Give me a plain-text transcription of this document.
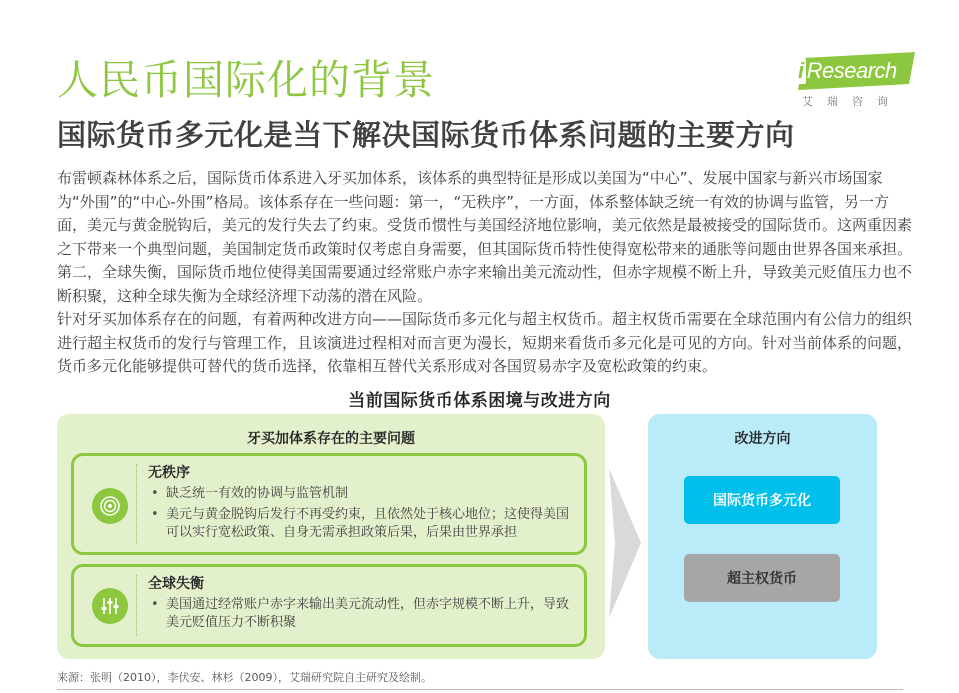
人民币国际化的背景
国际货币多元化是当下解决国际货币体系问题的主要方向
i Research
艾瑞咨询

布雷顿森林体系之后，国际货币体系进入牙买加体系，该体系的典型特征是形成以美国为“中心”、发展中国家与新兴市场国家为“外围”的“中心-外围”格局。该体系存在一些问题：第一，“无秩序”，一方面，体系整体缺乏统一有效的协调与监管，另一方面，美元与黄金脱钩后，美元的发行失去了约束。受货币惯性与美国经济地位影响，美元依然是最被接受的国际货币。这两重因素之下带来一个典型问题，美国制定货币政策时仅考虑自身需要，但其国际货币特性使得宽松带来的通胀等问题由世界各国来承担。第二，全球失衡，国际货币地位使得美国需要通过经常账户赤字来输出美元流动性，但赤字规模不断上升，导致美元贬值压力也不断积聚，这种全球失衡为全球经济埋下动荡的潜在风险。

针对牙买加体系存在的问题，有着两种改进方向——国际货币多元化与超主权货币。超主权货币需要在全球范围内有公信力的组织进行超主权货币的发行与管理工作，且该演进过程相对而言更为漫长，短期来看货币多元化是可见的方向。针对当前体系的问题，货币多元化能够提供可替代的货币选择，依靠相互替代关系形成对各国贸易赤字及宽松政策的约束。

当前国际货币体系困境与改进方向
牙买加体系存在的主要问题
无秩序
• 缺乏统一有效的协调与监管机制
• 美元与黄金脱钩后发行不再受约束，且依然处于核心地位；这使得美国可以实行宽松政策、自身无需承担政策后果，后果由世界承担
全球失衡
• 美国通过经常账户赤字来输出美元流动性，但赤字规模不断上升，导致美元贬值压力不断积聚
改进方向
国际货币多元化
超主权货币
来源：张明（2010），李伏安、林杉（2009），艾瑞研究院自主研究及绘制。
